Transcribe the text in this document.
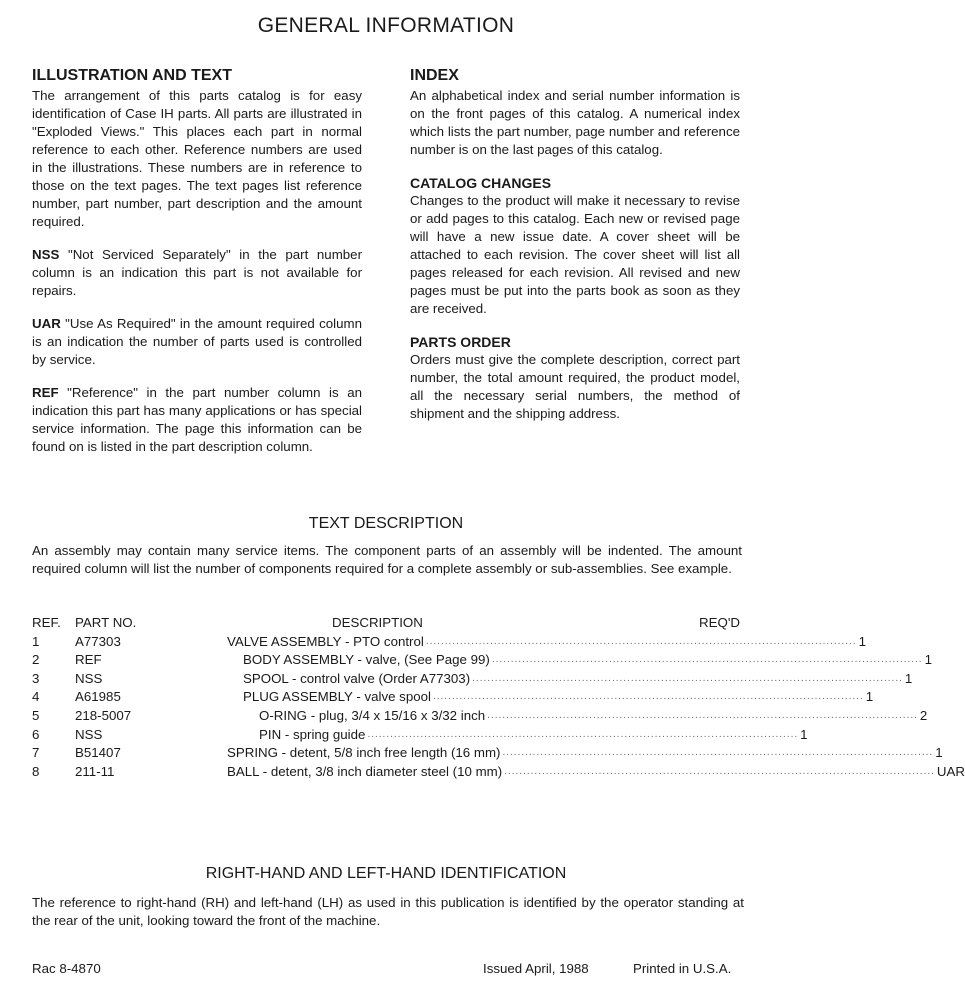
GENERAL INFORMATION
ILLUSTRATION AND TEXT

The arrangement of this parts catalog is for easy identification of Case IH parts. All parts are illustrated in "Exploded Views." This places each part in normal reference to each other. Reference numbers are used in the illustrations. These numbers are in reference to those on the text pages. The text pages list reference number, part number, part description and the amount required.

NSS "Not Serviced Separately" in the part number column is an indication this part is not available for repairs.

UAR "Use As Required" in the amount required column is an indication the number of parts used is controlled by service.

REF "Reference" in the part number column is an indication this part has many applications or has special service information. The page this information can be found on is listed in the part description column.

INDEX

An alphabetical index and serial number information is on the front pages of this catalog. A numerical index which lists the part number, page number and reference number is on the last pages of this catalog.

CATALOG CHANGES

Changes to the product will make it necessary to revise or add pages to this catalog. Each new or revised page will have a new issue date. A cover sheet will be attached to each revision. The cover sheet will list all pages released for each revision. All revised and new pages must be put into the parts book as soon as they are received.

PARTS ORDER

Orders must give the complete description, correct part number, the total amount required, the product model, all the necessary serial numbers, the method of shipment and the shipping address.

TEXT DESCRIPTION
An assembly may contain many service items. The component parts of an assembly will be indented. The amount required column will list the number of components required for a complete assembly or sub-assemblies. See example.
REF. PART NO.	DESCRIPTION	REQ'D
1	A77303	VALVE ASSEMBLY - PTO control .................................................................................................................. 1
2	REF	BODY ASSEMBLY - valve, (See Page 99) .................................................................................................................. 1
3	NSS	SPOOL - control valve (Order A77303) .................................................................................................................. 1
4	A61985	PLUG ASSEMBLY - valve spool .................................................................................................................. 1
5	218-5007	O-RING - plug, 3/4 x 15/16 x 3/32 inch .................................................................................................................. 2
6	NSS	PIN - spring guide .................................................................................................................. 1
7	B51407	SPRING - detent, 5/8 inch free length (16 mm) .................................................................................................................. 1
8	211-11	BALL - detent, 3/8 inch diameter steel (10 mm) .................................................................................................................. UAR
RIGHT-HAND AND LEFT-HAND IDENTIFICATION
The reference to right-hand (RH) and left-hand (LH) as used in this publication is identified by the operator standing at the rear of the unit, looking toward the front of the machine.
Rac 8-4870	Issued April, 1988	Printed in U.S.A.
